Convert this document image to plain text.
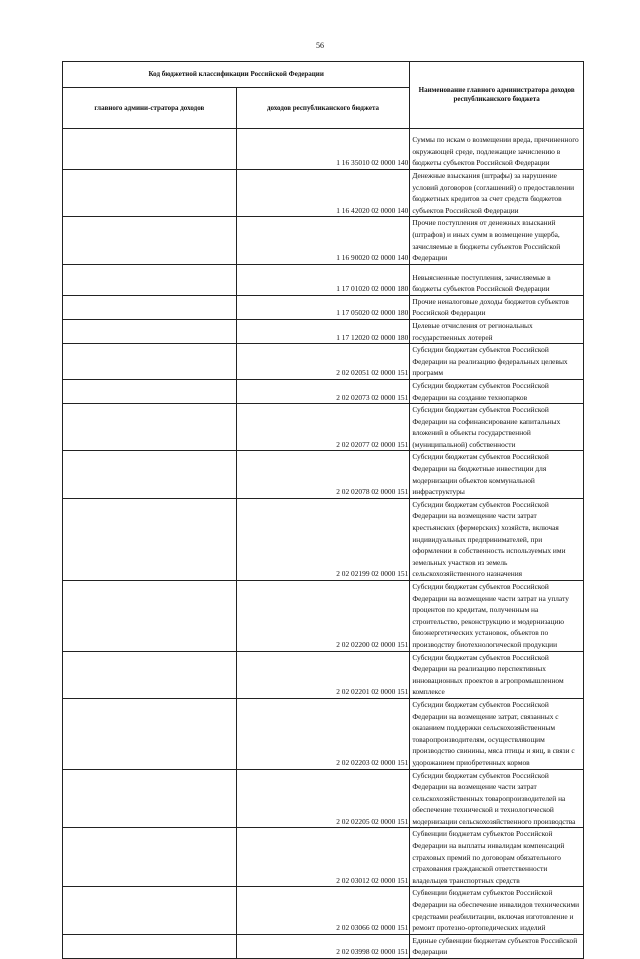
56
Код бюджетной классификации Российской Федерации		Наименование главного администратора доходов республиканского бюджета
главного админи-стратора доходов	доходов республиканского бюджета	
	1 16 35010 02 0000 140	Суммы по искам о возмещении вреда, причиненного окружающей среде, подлежащие зачислению в бюджеты субъектов Российской Федерации
	1 16 42020 02 0000 140	Денежные взыскания (штрафы) за нарушение условий договоров (соглашений) о предоставлении бюджетных кредитов за счет средств бюджетов субъектов Российской Федерации
	1 16 90020 02 0000 140	Прочие поступления от денежных взысканий (штрафов) и иных сумм в возмещение ущерба, зачисляемые в бюджеты субъектов Российской Федерации
	1 17 01020 02 0000 180	Невыясненные поступления, зачисляемые в бюджеты субъектов Российской Федерации
	1 17 05020 02 0000 180	Прочие неналоговые доходы бюджетов субъектов Российской Федерации
	1 17 12020 02 0000 180	Целевые отчисления от региональных государственных лотерей
	2 02 02051 02 0000 151	Субсидии бюджетам субъектов Российской Федерации на реализацию федеральных целевых программ
	2 02 02073 02 0000 151	Субсидии бюджетам субъектов Российской Федерации на создание технопарков
	2 02 02077 02 0000 151	Субсидии бюджетам субъектов Российской Федерации на софинансирование капитальных вложений в объекты государственной (муниципальной) собственности
	2 02 02078 02 0000 151	Субсидии бюджетам субъектов Российской Федерации на бюджетные инвестиции для модернизации объектов коммунальной инфраструктуры
	2 02 02199 02 0000 151	Субсидии бюджетам субъектов Российской Федерации на возмещение части затрат крестьянских (фермерских) хозяйств, включая индивидуальных предпринимателей, при оформлении в собственность используемых ими земельных участков из земель сельскохозяйственного назначения
	2 02 02200 02 0000 151	Субсидии бюджетам субъектов Российской Федерации на возмещение части затрат на уплату процентов по кредитам, полученным на строительство, реконструкцию и модернизацию биоэнергетических установок, объектов по производству биотехнологической продукции
	2 02 02201 02 0000 151	Субсидии бюджетам субъектов Российской Федерации на реализацию перспективных инновационных проектов в агропромышленном комплексе
	2 02 02203 02 0000 151	Субсидии бюджетам субъектов Российской Федерации на возмещение затрат, связанных с оказанием поддержки сельскохозяйственным товаропроизводителям, осуществляющим производство свинины, мяса птицы и яиц, в связи с удорожанием приобретенных кормов
	2 02 02205 02 0000 151	Субсидии бюджетам субъектов Российской Федерации на возмещение части затрат сельскохозяйственных товаропроизводителей на обеспечение технической и технологической модернизации сельскохозяйственного производства
	2 02 03012 02 0000 151	Субвенции бюджетам субъектов Российской Федерации на выплаты инвалидам компенсаций страховых премий по договорам обязательного страхования гражданской ответственности владельцев транспортных средств
	2 02 03066 02 0000 151	Субвенции бюджетам субъектов Российской Федерации на обеспечение инвалидов техническими средствами реабилитации, включая изготовление и ремонт протезно-ортопедических изделий
	2 02 03998 02 0000 151	Единые субвенции бюджетам субъектов Российской Федерации
